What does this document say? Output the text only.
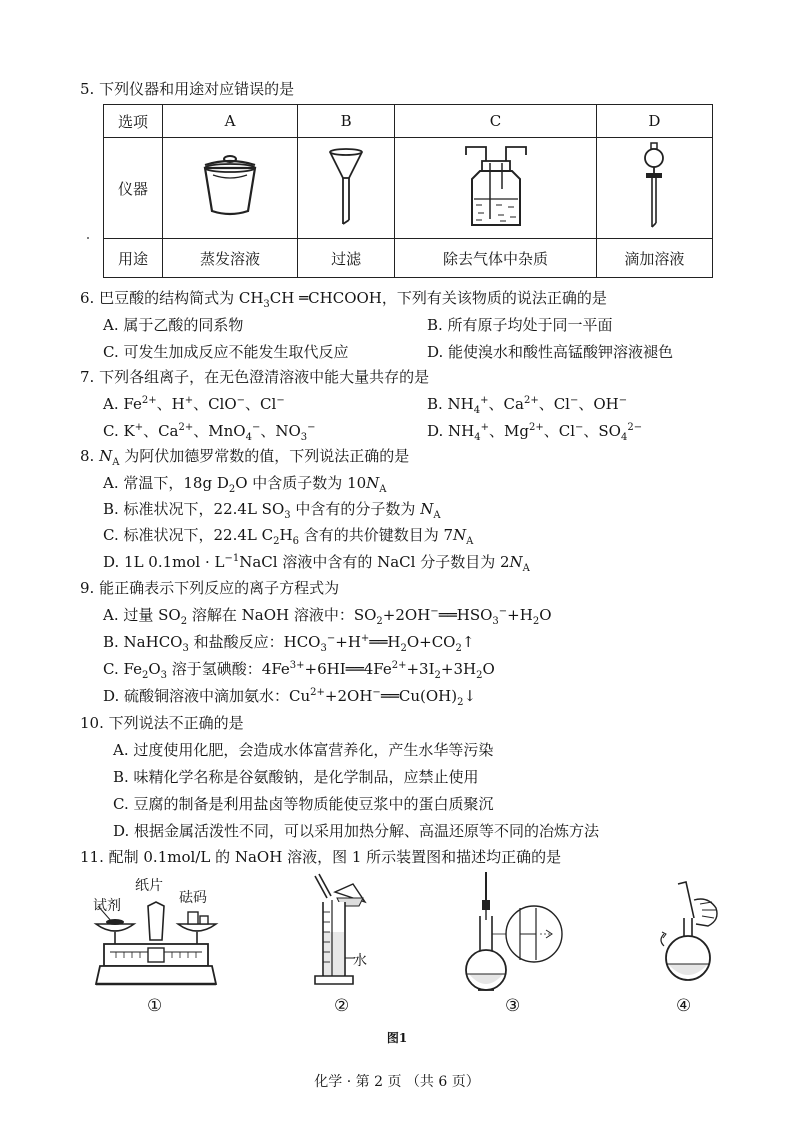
5. 下列仪器和用途对应错误的是
选项	A	B	C	D
仪器				
用途	蒸发溶液	过滤	除去气体中杂质	滴加溶液
6. 巴豆酸的结构简式为 $CH_3CH$ ═CHCOOH，下列有关该物质的说法正确的是
A. 属于乙酸的同系物	B. 所有原子均处于同一平面
C. 可发生加成反应不能发生取代反应	D. 能使溴水和酸性高锰酸钾溶液褪色
7. 下列各组离子，在无色澄清溶液中能大量共存的是
A. $Fe^{2+}$、H+、ClO−、Cl−	B. $NH_4^+$、$Ca^{2+}$、Cl−、OH−
C. K+、$Ca^{2+}$、MnO$_4$−、$NO_3^-$	D. $NH_4^+$、$Mg^{2+}$、Cl−、$SO_4^{2-}$
8. $N_A$ 为阿伏加德罗常数的值，下列说法正确的是
A. 常温下，18g $D_2O$ 中含质子数为 $10N_A$
B. 标准状况下，22.4L $SO_3$ 中含有的分子数为 $N_A$
C. 标准状况下，22.4L $C_2H_6$ 含有的共价键数目为 $7N_A$
D. 1L $0.1mol \cdot L^{-1}NaCl$ 溶液中含有的 NaCl 分子数目为 $2N_A$
9. 能正确表示下列反应的离子方程式为
A. 过量 $SO_2$ 溶解在 NaOH 溶液中：$SO_2+2OH^-══HSO_3^-+H_2O$
B. NaHCO$_3$ 和盐酸反应：$HCO_3^-+H^+══H_2O+CO_2↑$
C. $Fe_2O_3$ 溶于氢碘酸：$4Fe^{3+}+6HI══4Fe^{2+}+3I_2+3H_2O$
D. 硫酸铜溶液中滴加氨水：$Cu^{2+}+2OH^-══Cu(OH)_2↓$
10. 下列说法不正确的是
A. 过度使用化肥，会造成水体富营养化，产生水华等污染
B. 味精化学名称是谷氨酸钠，是化学制品，应禁止使用
C. 豆腐的制备是利用盐卤等物质能使豆浆中的蛋白质聚沉
D. 根据金属活泼性不同，可以采用加热分解、高温还原等不同的冶炼方法
11. 配制 0.1mol/L 的 NaOH 溶液，图 1 所示装置图和描述均正确的是
试剂
纸片
砝码
①
水
②	③	④
图1
化学 · 第 2 页 （共 6 页）
